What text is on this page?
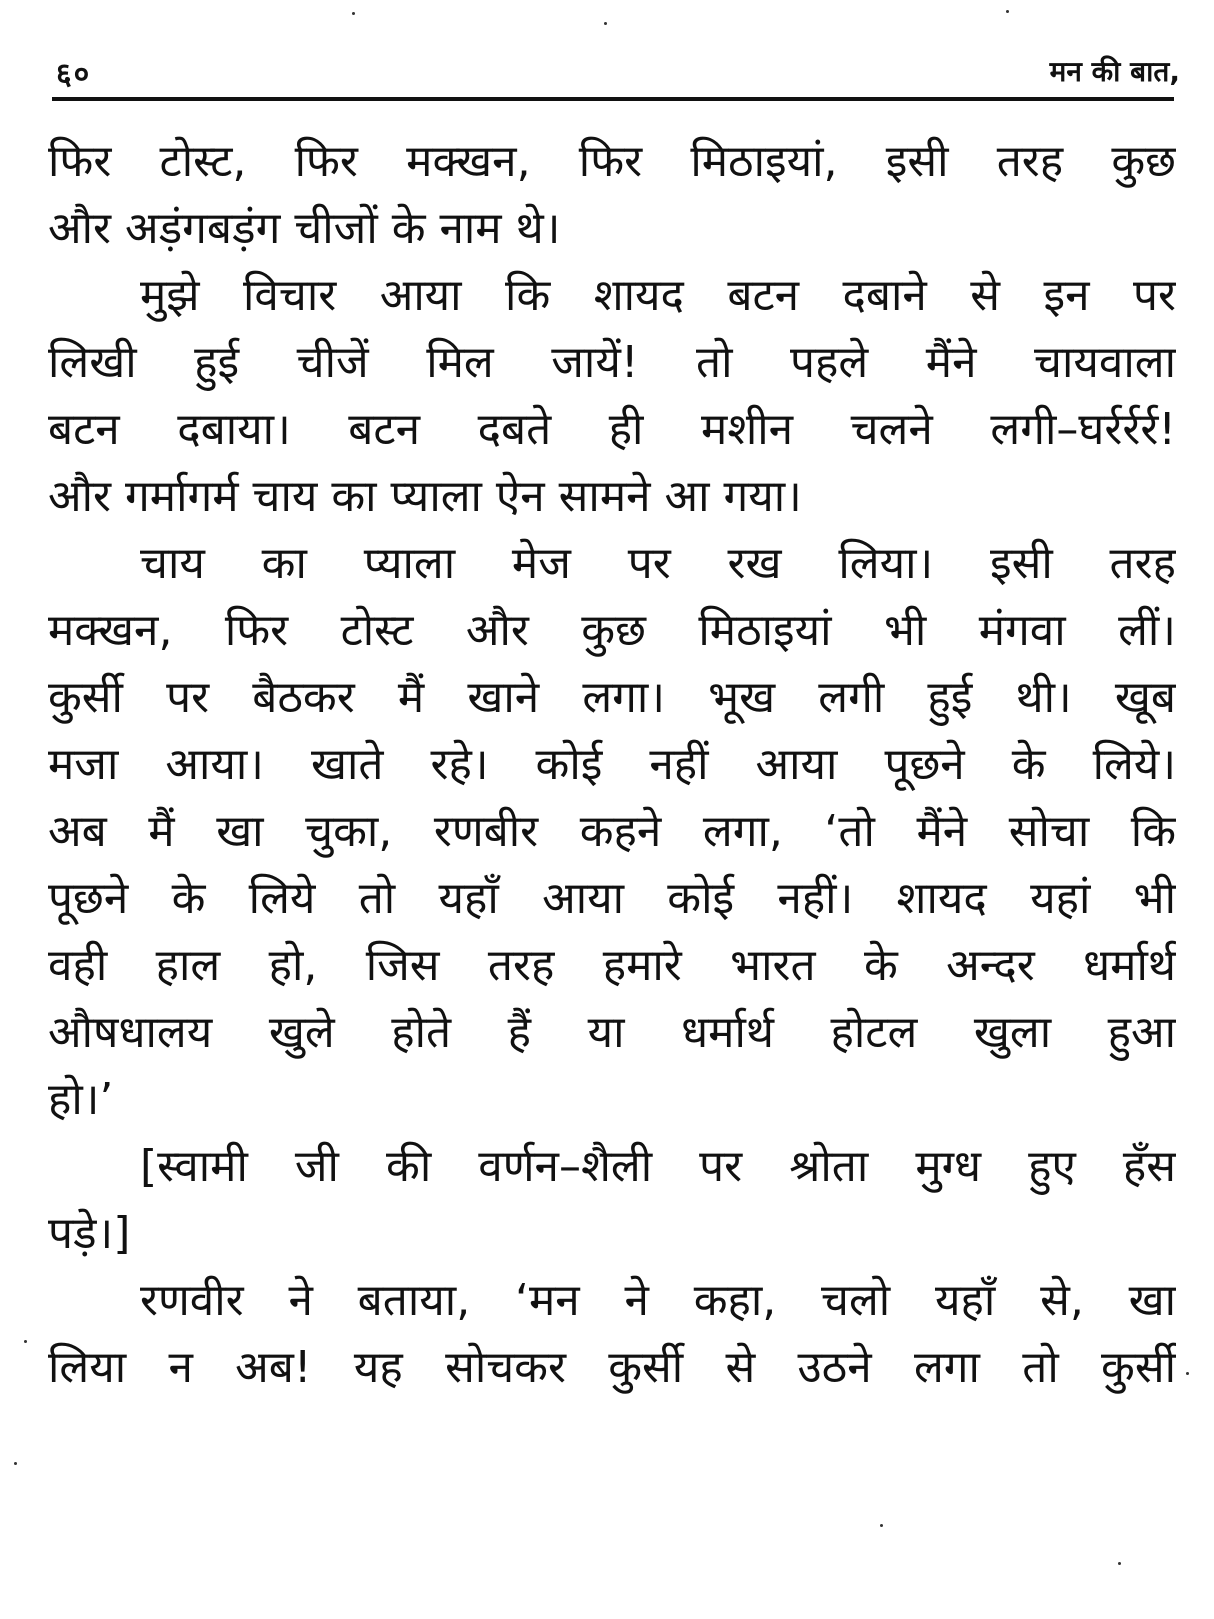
६०	मन की बात,
फिर टोस्ट, फिर मक्खन, फिर मिठाइयां, इसी तरह कुछ
और अड़ंगबड़ंग चीजों के नाम थे।
मुझे विचार आया कि शायद बटन दबाने से इन पर
लिखी हुई चीजें मिल जायें! तो पहले मैंने चायवाला
बटन दबाया। बटन दबते ही मशीन चलने लगी–घर्रर्रर्र!
और गर्मागर्म चाय का प्याला ऐन सामने आ गया।
चाय का प्याला मेज पर रख लिया। इसी तरह
मक्खन, फिर टोस्ट और कुछ मिठाइयां भी मंगवा लीं।
कुर्सी पर बैठकर मैं खाने लगा। भूख लगी हुई थी। खूब
मजा आया। खाते रहे। कोई नहीं आया पूछने के लिये।
अब मैं खा चुका, रणबीर कहने लगा, ‘तो मैंने सोचा कि
पूछने के लिये तो यहाँ आया कोई नहीं। शायद यहां भी
वही हाल हो, जिस तरह हमारे भारत के अन्दर धर्मार्थ
औषधालय खुले होते हैं या धर्मार्थ होटल खुला हुआ
हो।’
[स्वामी जी की वर्णन–शैली पर श्रोता मुग्ध हुए हँस
पड़े।]
रणवीर ने बताया, ‘मन ने कहा, चलो यहाँ से, खा
लिया न अब! यह सोचकर कुर्सी से उठने लगा तो कुर्सी
